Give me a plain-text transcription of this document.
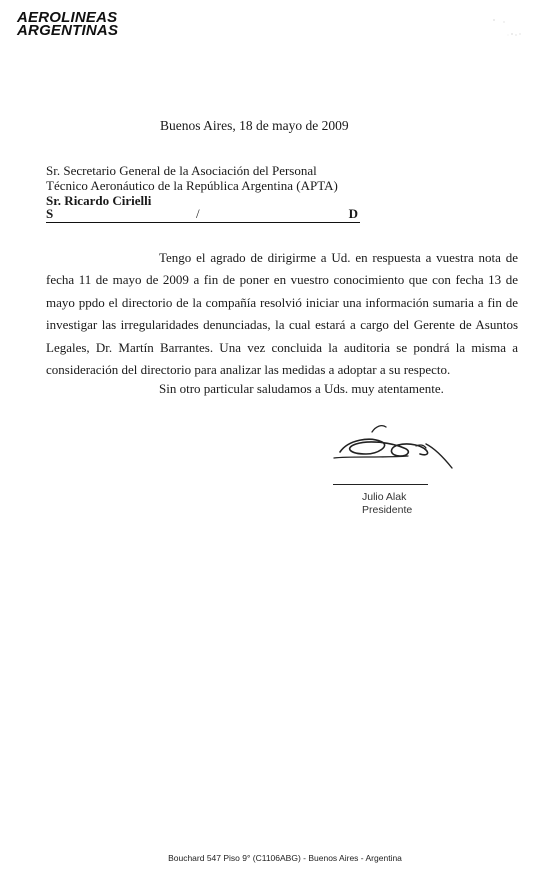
AEROLINEAS
ARGENTINAS
Buenos Aires, 18 de mayo de 2009
Sr. Secretario General de la Asociación del Personal
Técnico Aeronáutico de la República Argentina (APTA)
Sr. Ricardo Cirielli
S	/	D

Tengo el agrado de dirigirme a Ud. en respuesta a vuestra nota de fecha 11 de mayo de 2009 a fin de poner en vuestro conocimiento que con fecha 13 de mayo ppdo el directorio de la compañía resolvió iniciar una información sumaria a fin de investigar las irregularidades denunciadas, la cual estará a cargo del Gerente de Asuntos Legales, Dr. Martín Barrantes. Una vez concluida la auditoria se pondrá la misma a consideración del directorio para analizar las medidas a adoptar a su respecto.

Sin otro particular saludamos a Uds. muy atentamente.
Julio Alak
Presidente
Bouchard 547 Piso 9° (C1106ABG) - Buenos Aires - Argentina
